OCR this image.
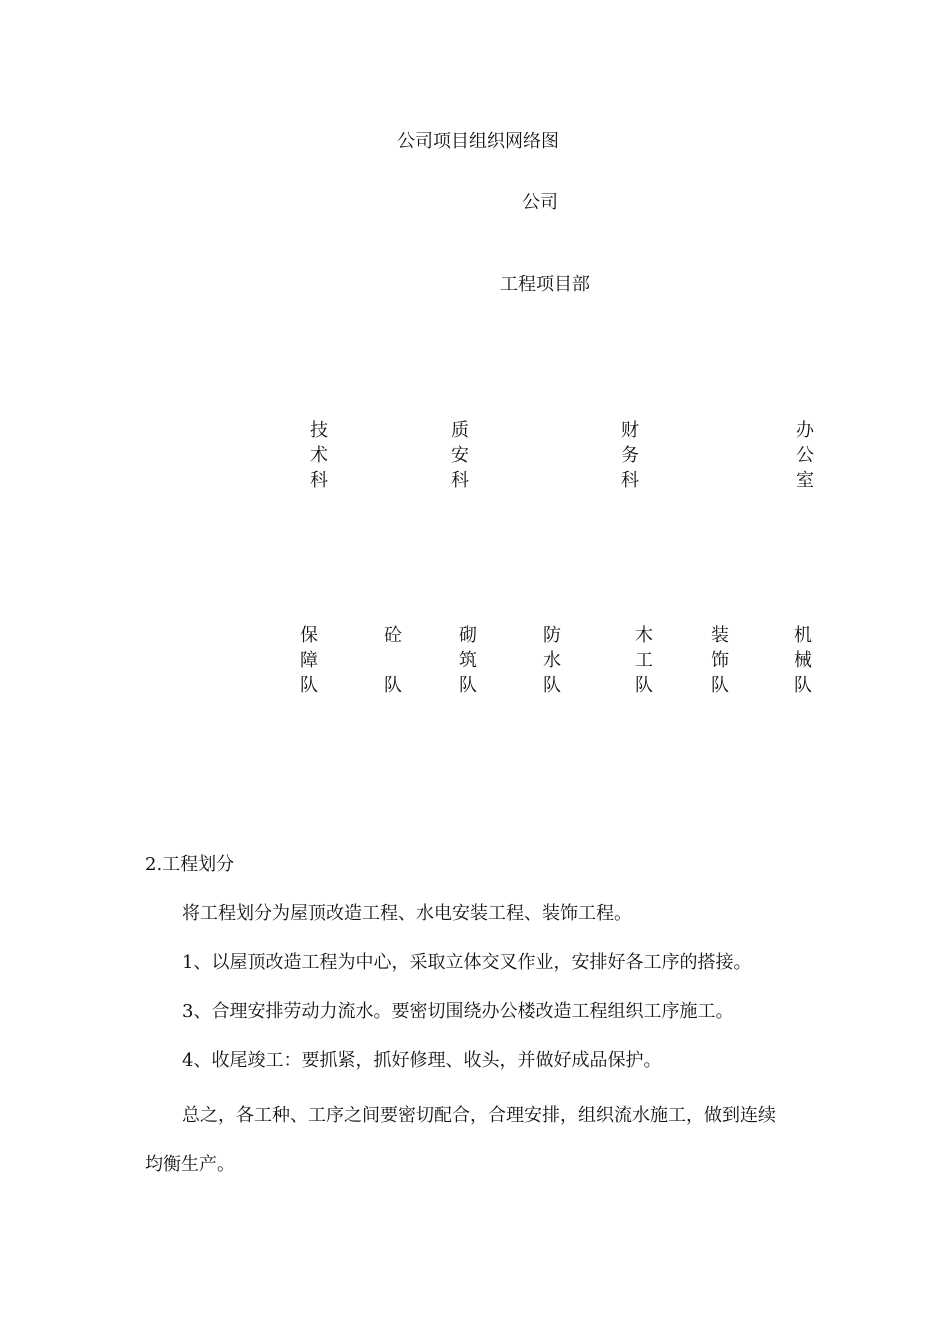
公司项目组织网络图
公司
工程项目部
技
术
科
质
安
科
财
务
科
办
公
室
保
障
队
砼
队
砌
筑
队
防
水
队
木
工
队
装
饰
队
机
械
队
2.工程划分
将工程划分为屋顶改造工程、水电安装工程、装饰工程。
1、以屋顶改造工程为中心，采取立体交叉作业，安排好各工序的搭接。
3、合理安排劳动力流水。要密切围绕办公楼改造工程组织工序施工。
4、收尾竣工：要抓紧，抓好修理、收头，并做好成品保护。
总之，各工种、工序之间要密切配合，合理安排，组织流水施工，做到连续
均衡生产。
